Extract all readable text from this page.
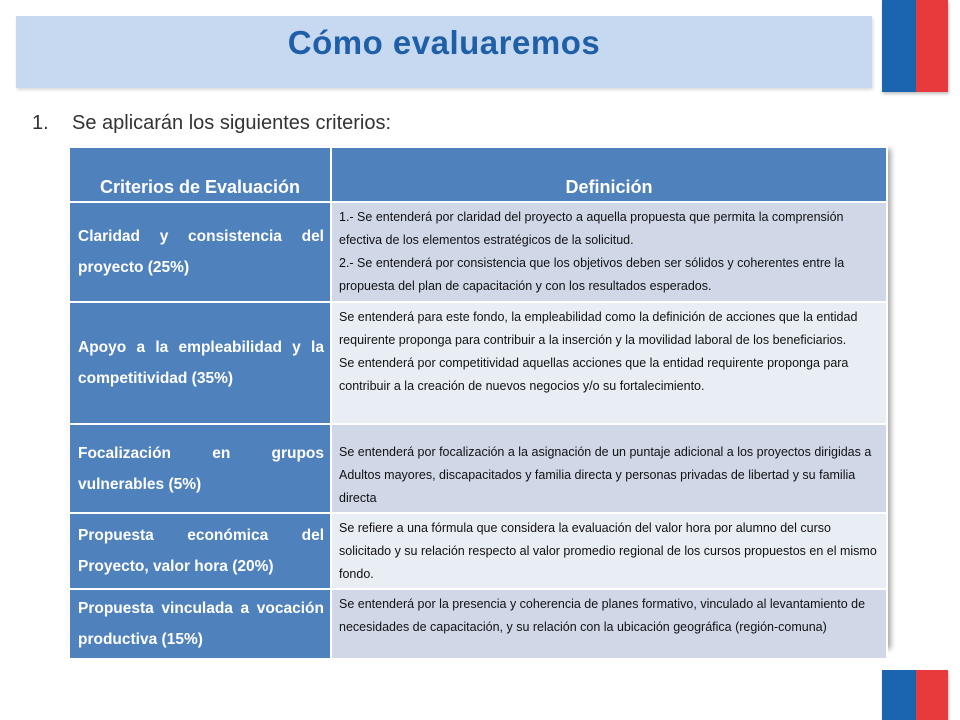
Cómo evaluaremos
1.	Se aplicarán los siguientes criterios:
Criterios de Evaluación	Definición
Claridad y consistencia del proyecto (25%)	1.- Se entenderá por claridad del proyecto a aquella propuesta que permita la comprensión efectiva de los elementos estratégicos de la solicitud.

2.- Se entenderá por consistencia que los objetivos deben ser sólidos y coherentes entre la propuesta del plan de capacitación y con los resultados esperados.

Apoyo a la empleabilidad y la competitividad (35%)	Se entenderá para este fondo, la empleabilidad como la definición de acciones que la entidad requirente proponga para contribuir a la inserción y la movilidad laboral de los beneficiarios.

Se entenderá por competitividad aquellas acciones que la entidad requirente proponga para contribuir a la creación de nuevos negocios y/o su fortalecimiento.

Focalización en grupos vulnerables (5%)	Se entenderá por focalización a la asignación de un puntaje adicional a los proyectos dirigidas a Adultos mayores, discapacitados y familia directa y personas privadas de libertad y su familia directa

Propuesta económica del Proyecto, valor hora (20%)	Se refiere a una fórmula que considera la evaluación del valor hora por alumno del curso solicitado y su relación respecto al valor promedio regional de los cursos propuestos en el mismo fondo.

Propuesta vinculada a vocación productiva (15%)	Se entenderá por la presencia y coherencia de planes formativo, vinculado al levantamiento de necesidades de capacitación, y su relación con la ubicación geográfica (región-comuna)
